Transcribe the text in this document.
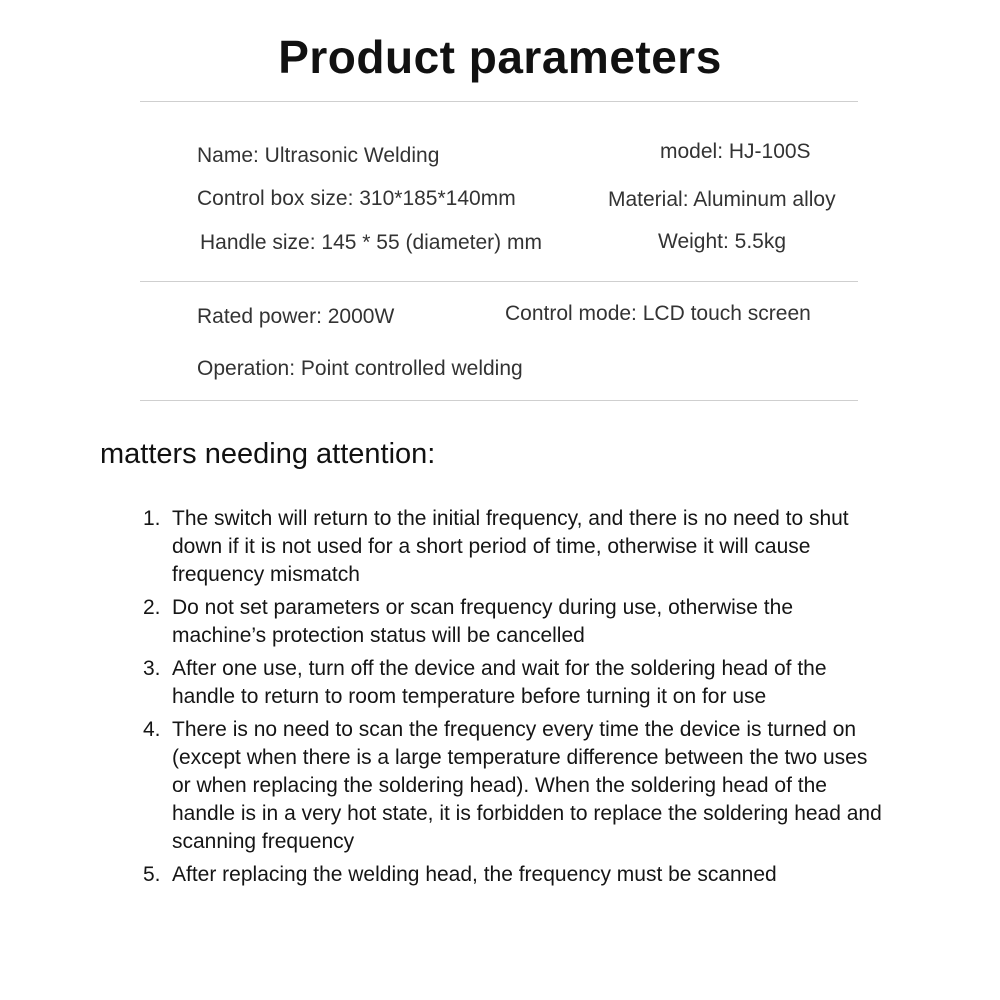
Product parameters
Name: Ultrasonic Welding	model: HJ-100S
Control box size: 310*185*140mm	Material: Aluminum alloy
Handle size: 145 * 55 (diameter) mm	Weight: 5.5kg
Rated power: 2000W	Control mode: LCD touch screen
Operation: Point controlled welding
matters needing attention:
1. The switch will return to the initial frequency, and there is no need to shut down if it is not used for a short period of time, otherwise it will cause frequency mismatch
2. Do not set parameters or scan frequency during use, otherwise the machine’s protection status will be cancelled
3. After one use, turn off the device and wait for the soldering head of the handle to return to room temperature before turning it on for use
4. There is no need to scan the frequency every time the device is turned on (except when there is a large temperature difference between the two uses or when replacing the soldering head). When the soldering head of the handle is in a very hot state, it is forbidden to replace the soldering head and scanning frequency
5. After replacing the welding head, the frequency must be scanned
